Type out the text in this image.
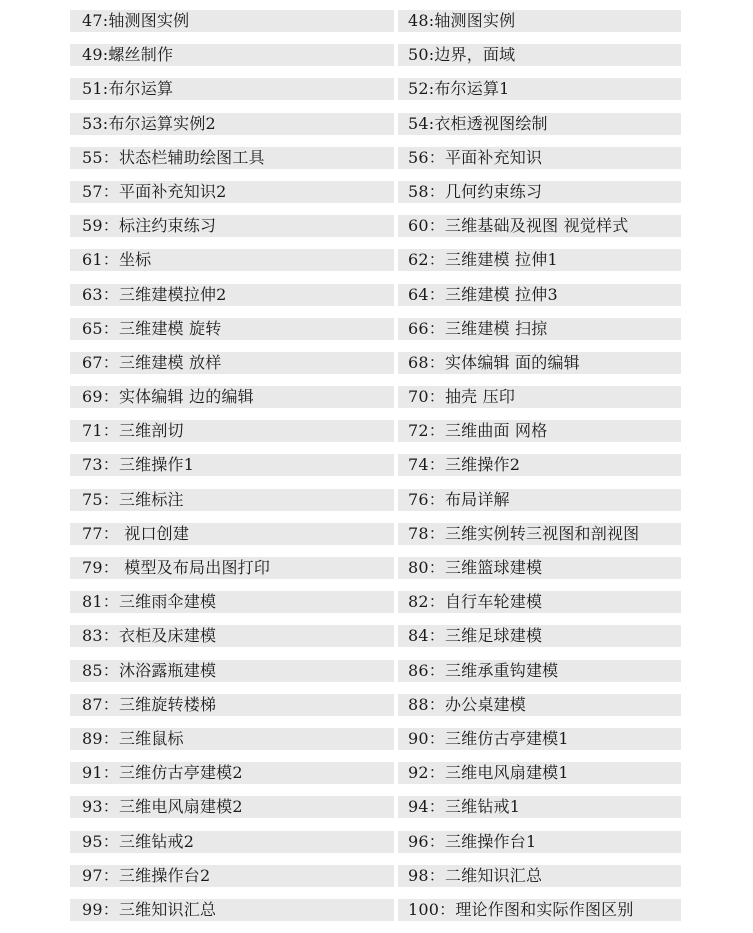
47:轴测图实例	48:轴测图实例
49:螺丝制作	50:边界，面域
51:布尔运算	52:布尔运算1
53:布尔运算实例2	54:衣柜透视图绘制
55：状态栏辅助绘图工具	56：平面补充知识
57：平面补充知识2	58：几何约束练习
59：标注约束练习	60：三维基础及视图 视觉样式
61：坐标	62：三维建模 拉伸1
63：三维建模拉伸2	64：三维建模 拉伸3
65：三维建模 旋转	66：三维建模 扫掠
67：三维建模 放样	68：实体编辑 面的编辑
69：实体编辑 边的编辑	70：抽壳 压印
71：三维剖切	72：三维曲面 网格
73：三维操作1	74：三维操作2
75：三维标注	76：布局详解
77： 视口创建	78：三维实例转三视图和剖视图
79： 模型及布局出图打印	80：三维篮球建模
81：三维雨伞建模	82：自行车轮建模
83：衣柜及床建模	84：三维足球建模
85：沐浴露瓶建模	86：三维承重钩建模
87：三维旋转楼梯	88：办公桌建模
89：三维鼠标	90：三维仿古亭建模1
91：三维仿古亭建模2	92：三维电风扇建模1
93：三维电风扇建模2	94：三维钻戒1
95：三维钻戒2	96：三维操作台1
97：三维操作台2	98：二维知识汇总
99：三维知识汇总	100：理论作图和实际作图区别
